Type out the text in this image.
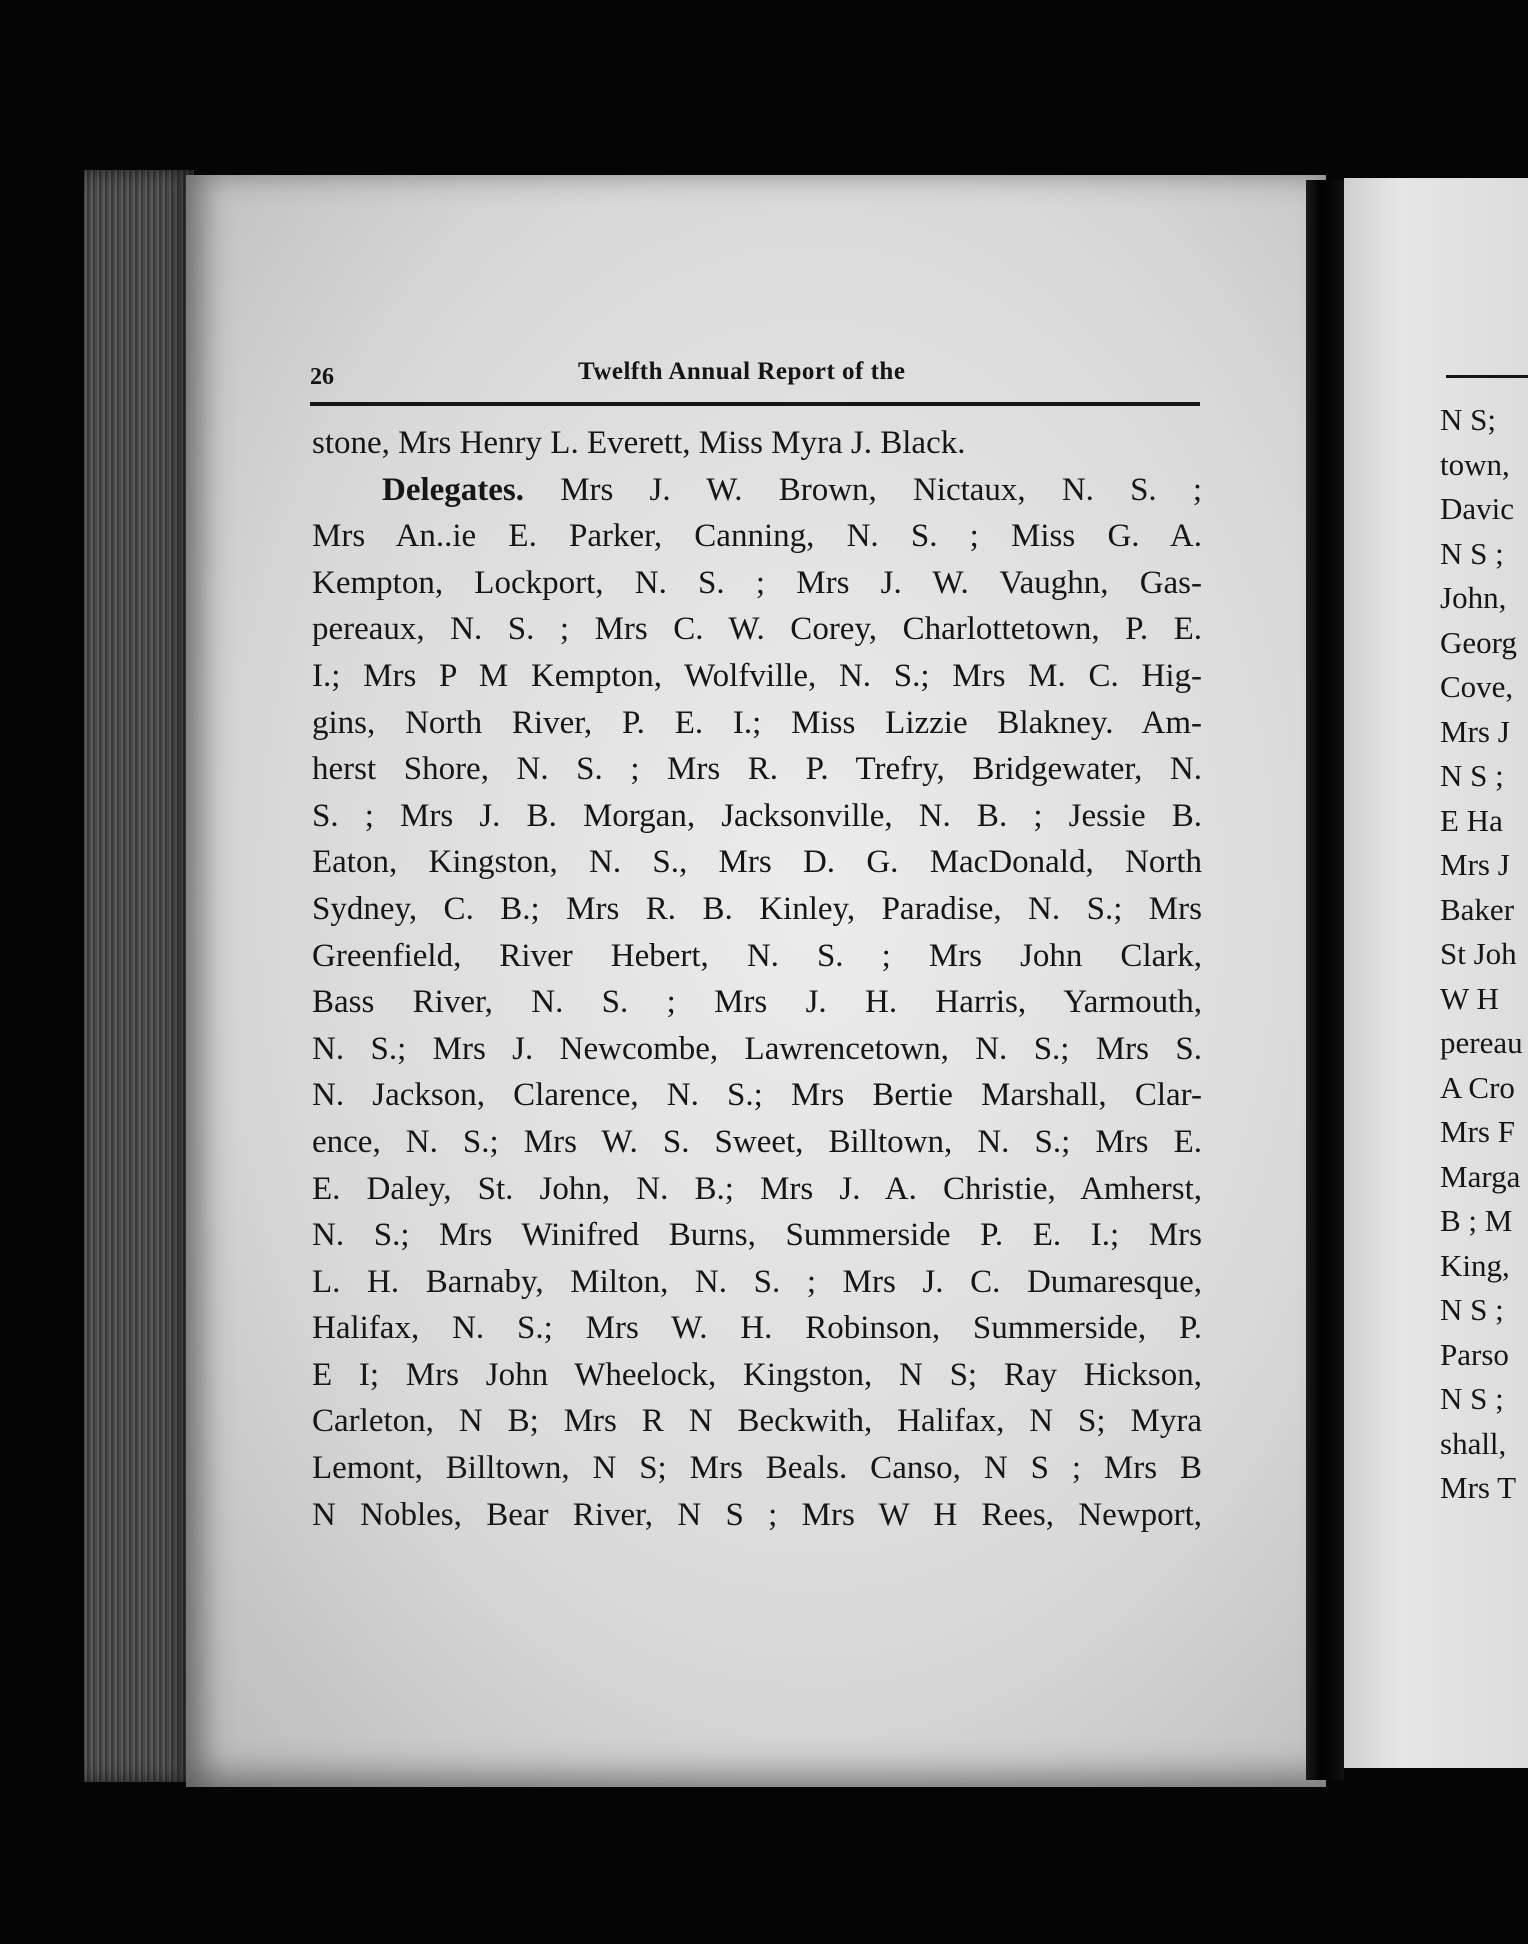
26	Twelfth Annual Report of the
stone, Mrs Henry L. Everett, Miss Myra J. Black.
Delegates. Mrs J. W. Brown, Nictaux, N. S. ;
Mrs An..ie E. Parker, Canning, N. S. ; Miss G. A.
Kempton, Lockport, N. S. ; Mrs J. W. Vaughn, Gas-
pereaux, N. S. ; Mrs C. W. Corey, Charlottetown, P. E.
I.; Mrs P M Kempton, Wolfville, N. S.; Mrs M. C. Hig-
gins, North River, P. E. I.; Miss Lizzie Blakney. Am-
herst Shore, N. S. ; Mrs R. P. Trefry, Bridgewater, N.
S. ; Mrs J. B. Morgan, Jacksonville, N. B. ; Jessie B.
Eaton, Kingston, N. S., Mrs D. G. MacDonald, North
Sydney, C. B.; Mrs R. B. Kinley, Paradise, N. S.; Mrs
Greenfield, River Hebert, N. S. ; Mrs John Clark,
Bass River, N. S. ; Mrs J. H. Harris, Yarmouth,
N. S.; Mrs J. Newcombe, Lawrencetown, N. S.; Mrs S.
N. Jackson, Clarence, N. S.; Mrs Bertie Marshall, Clar-
ence, N. S.; Mrs W. S. Sweet, Billtown, N. S.; Mrs E.
E. Daley, St. John, N. B.; Mrs J. A. Christie, Amherst,
N. S.; Mrs Winifred Burns, Summerside P. E. I.; Mrs
L. H. Barnaby, Milton, N. S. ; Mrs J. C. Dumaresque,
Halifax, N. S.; Mrs W. H. Robinson, Summerside, P.
E I; Mrs John Wheelock, Kingston, N S; Ray Hickson,
Carleton, N B; Mrs R N Beckwith, Halifax, N S; Myra
Lemont, Billtown, N S; Mrs Beals. Canso, N S ; Mrs B
N Nobles, Bear River, N S ; Mrs W H Rees, Newport,
N S;
town,
Davic
N S ;
John,
Georg
Cove,
Mrs J
N S ;
E Ha
Mrs J
Baker
St Joh
W H
pereau
A Cro
Mrs F
Marga
B ; M
King,
N S ;
Parso
N S ;
shall,
Mrs T
